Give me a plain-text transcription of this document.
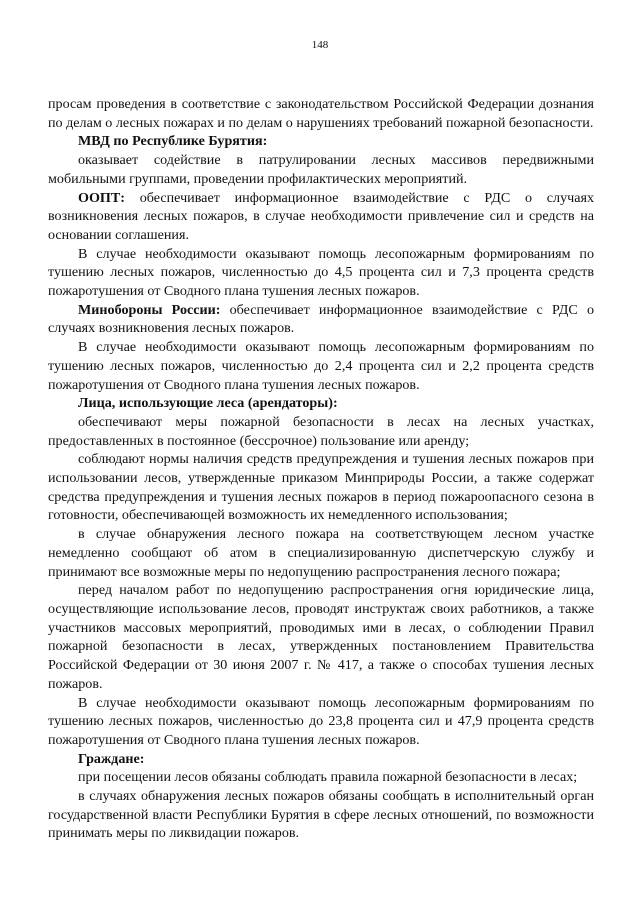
148

просам проведения в соответствие с законодательством Российской Федерации дознания по делам о лесных пожарах и по делам о нарушениях требований пожарной безопасности.

МВД по Республике Бурятия:

оказывает содействие в патрулировании лесных массивов передвижными мобильными группами, проведении профилактических мероприятий.

ООПТ: обеспечивает информационное взаимодействие с РДС о случаях возникновения лесных пожаров, в случае необходимости привлечение сил и средств на основании соглашения.

В случае необходимости оказывают помощь лесопожарным формированиям по тушению лесных пожаров, численностью до 4,5 процента сил и 7,3 процента средств пожаротушения от Сводного плана тушения лесных пожаров.

Минобороны России: обеспечивает информационное взаимодействие с РДС о случаях возникновения лесных пожаров.

В случае необходимости оказывают помощь лесопожарным формированиям по тушению лесных пожаров, численностью до 2,4 процента сил и 2,2 процента средств пожаротушения от Сводного плана тушения лесных пожаров.

Лица, использующие леса (арендаторы):

обеспечивают меры пожарной безопасности в лесах на лесных участках, предоставленных в постоянное (бессрочное) пользование или аренду;

соблюдают нормы наличия средств предупреждения и тушения лесных пожаров при использовании лесов, утвержденные приказом Минприроды России, а также содержат средства предупреждения и тушения лесных пожаров в период пожароопасного сезона в готовности, обеспечивающей возможность их немедленного использования;

в случае обнаружения лесного пожара на соответствующем лесном участке немедленно сообщают об атом в специализированную диспетчерскую службу и принимают все возможные меры по недопущению распространения лесного пожара;

перед началом работ по недопущению распространения огня юридические лица, осуществляющие использование лесов, проводят инструктаж своих работников, а также участников массовых мероприятий, проводимых ими в лесах, о соблюдении Правил пожарной безопасности в лесах, утвержденных постановлением Правительства Российской Федерации от 30 июня 2007 г. № 417, а также о способах тушения лесных пожаров.

В случае необходимости оказывают помощь лесопожарным формированиям по тушению лесных пожаров, численностью до 23,8 процента сил и 47,9 процента средств пожаротушения от Сводного плана тушения лесных пожаров.

Граждане:

при посещении лесов обязаны соблюдать правила пожарной безопасности в лесах;

в случаях обнаружения лесных пожаров обязаны сообщать в исполнительный орган государственной власти Республики Бурятия в сфере лесных отношений, по возможности принимать меры по ликвидации пожаров.
